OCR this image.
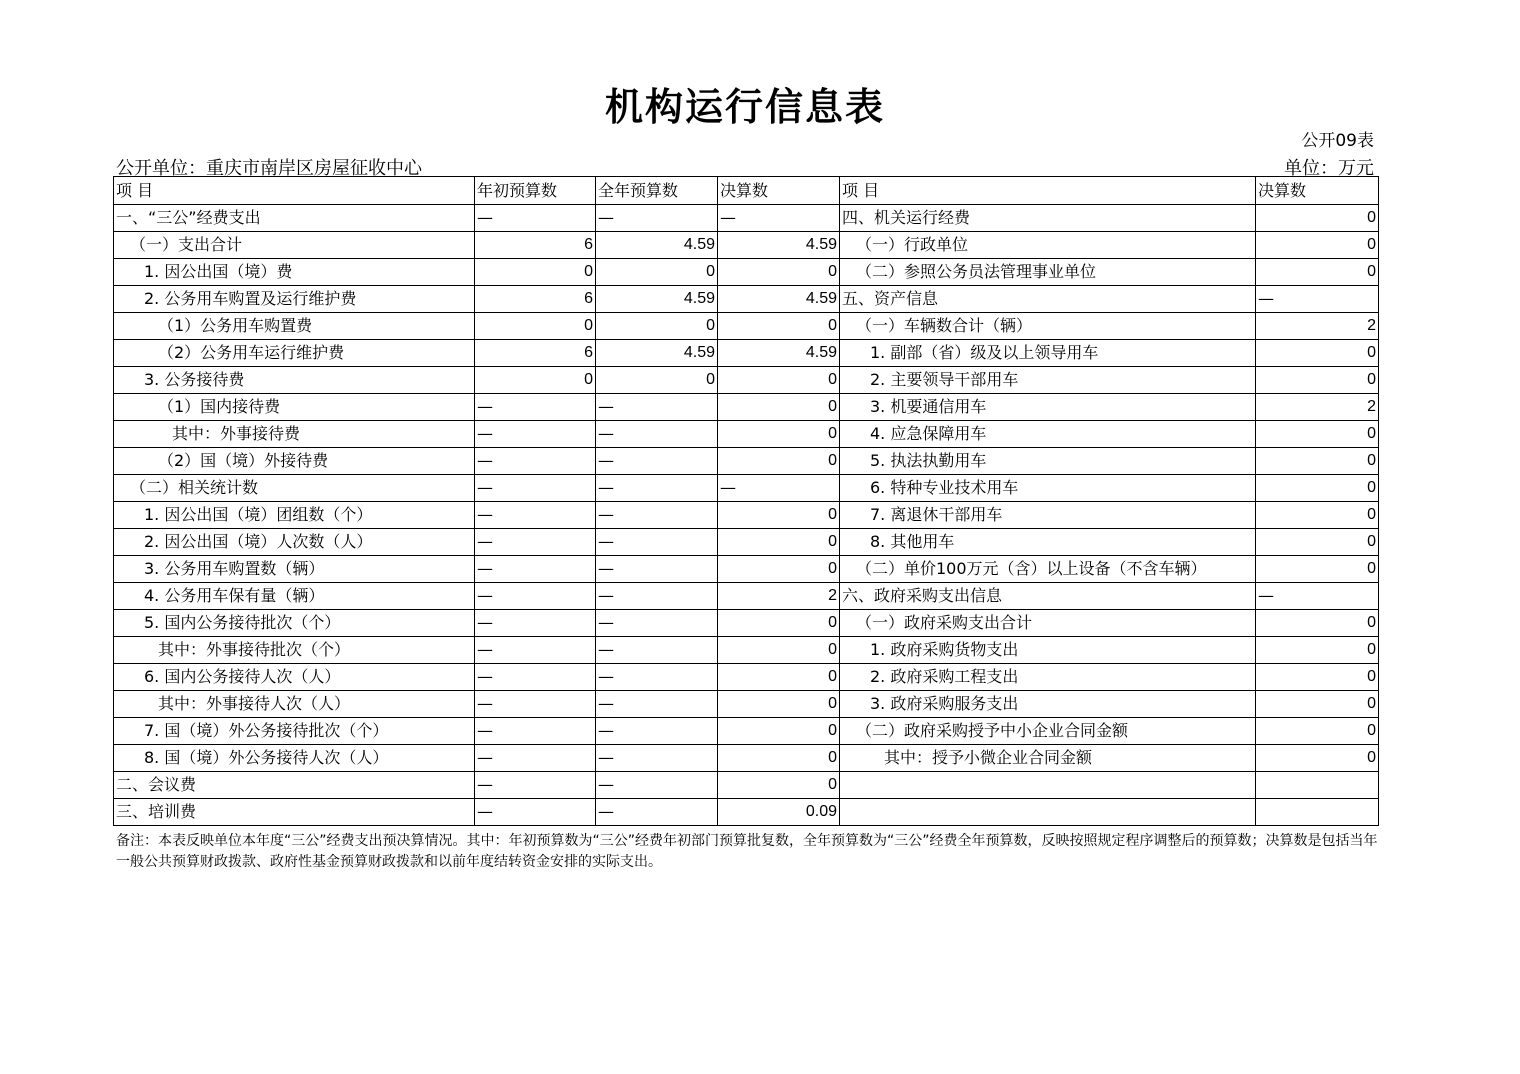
机构运行信息表
公开09表
公开单位：重庆市南岸区房屋征收中心	单位：万元
项 目	年初预算数	全年预算数	决算数	项 目	决算数
一、“三公”经费支出	—	—	—	四、机关运行经费	0
（一）支出合计	6	4.59	4.59	（一）行政单位	0
1. 因公出国（境）费	0	0	0	（二）参照公务员法管理事业单位	0
2. 公务用车购置及运行维护费	6	4.59	4.59	五、资产信息	—
（1）公务用车购置费	0	0	0	（一）车辆数合计（辆）	2
（2）公务用车运行维护费	6	4.59	4.59	1. 副部（省）级及以上领导用车	0
3. 公务接待费	0	0	0	2. 主要领导干部用车	0
（1）国内接待费	—	—	0	3. 机要通信用车	2
其中：外事接待费	—	—	0	4. 应急保障用车	0
（2）国（境）外接待费	—	—	0	5. 执法执勤用车	0
（二）相关统计数	—	—	—	6. 特种专业技术用车	0
1. 因公出国（境）团组数（个）	—	—	0	7. 离退休干部用车	0
2. 因公出国（境）人次数（人）	—	—	0	8. 其他用车	0
3. 公务用车购置数（辆）	—	—	0	（二）单价100万元（含）以上设备（不含车辆）	0
4. 公务用车保有量（辆）	—	—	2	六、政府采购支出信息	—
5. 国内公务接待批次（个）	—	—	0	（一）政府采购支出合计	0
其中：外事接待批次（个）	—	—	0	1. 政府采购货物支出	0
6. 国内公务接待人次（人）	—	—	0	2. 政府采购工程支出	0
其中：外事接待人次（人）	—	—	0	3. 政府采购服务支出	0
7. 国（境）外公务接待批次（个）	—	—	0	（二）政府采购授予中小企业合同金额	0
8. 国（境）外公务接待人次（人）	—	—	0	其中：授予小微企业合同金额	0
二、会议费	—	—	0		
三、培训费	—	—	0.09		
备注：本表反映单位本年度“三公”经费支出预决算情况。其中：年初预算数为“三公”经费年初部门预算批复数，全年预算数为“三公”经费全年预算数，反映按照规定程序调整后的预算数；决算数是包括当年一般公共预算财政拨款、政府性基金预算财政拨款和以前年度结转资金安排的实际支出。
